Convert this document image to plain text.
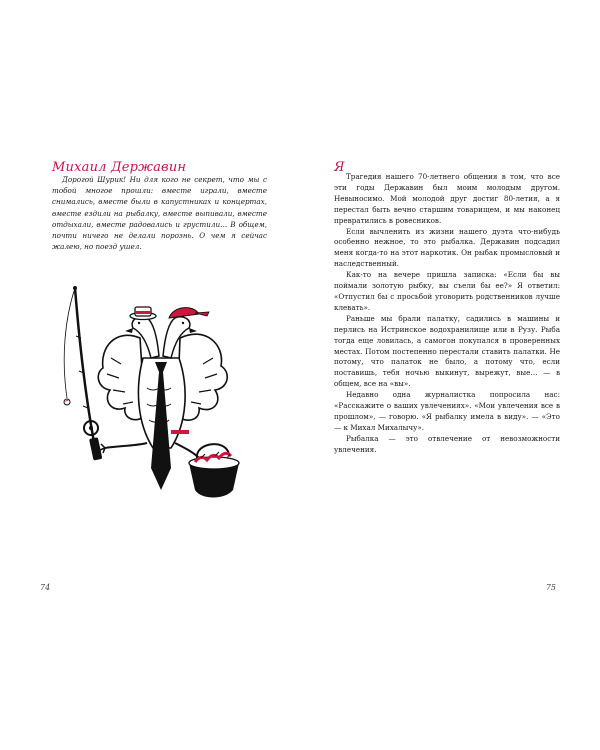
Михаил Державин

Дорогой Шурик! Ни для кого не секрет, что мы с тобой многое прошли: вместе играли, вместе снимались, вместе были в капустниках и концертах, вместе ездили на рыбалку, вместе выпивали, вместе отдыхали, вместе радовались и грустили… В общем, почти ничего не делали порознь. О чем я сейчас жалею, но поезд ушел.

74
Я

Трагедия нашего 70-летнего общения в том, что все эти годы Державин был моим молодым другом. Невыносимо. Мой молодой друг достиг 80-летия, а я перестал быть вечно старшим товарищем, и мы наконец превратились в ровесников.

Если вычленить из жизни нашего дуэта что-нибудь особенно нежное, то это рыбалка. Державин подсадил меня когда-то на этот наркотик. Он рыбак промысловый и наследственный.

Как-то на вечере пришла записка: «Если бы вы поймали золотую рыбку, вы съели бы ее?» Я ответил: «Отпустил бы с просьбой уговорить родственников лучше клевать».

Раньше мы брали палатку, садились в машины и перлись на Истринское водохранилище или в Рузу. Рыба тогда еще ловилась, а самогон покупался в проверенных местах. Потом постепенно перестали ставить палатки. Не потому, что палаток не было, а потому что, если поставишь, тебя ночью выкинут, вырежут, вые… — в общем, все на «вы».

Недавно одна журналистка попросила нас: «Расскажите о ваших увлечениях». «Мои увлечения все в прошлом», — говорю. «Я рыбалку имела в виду». — «Это — к Михал Михалычу».

Рыбалка — это отвлечение от невозможности увлечения.

75
